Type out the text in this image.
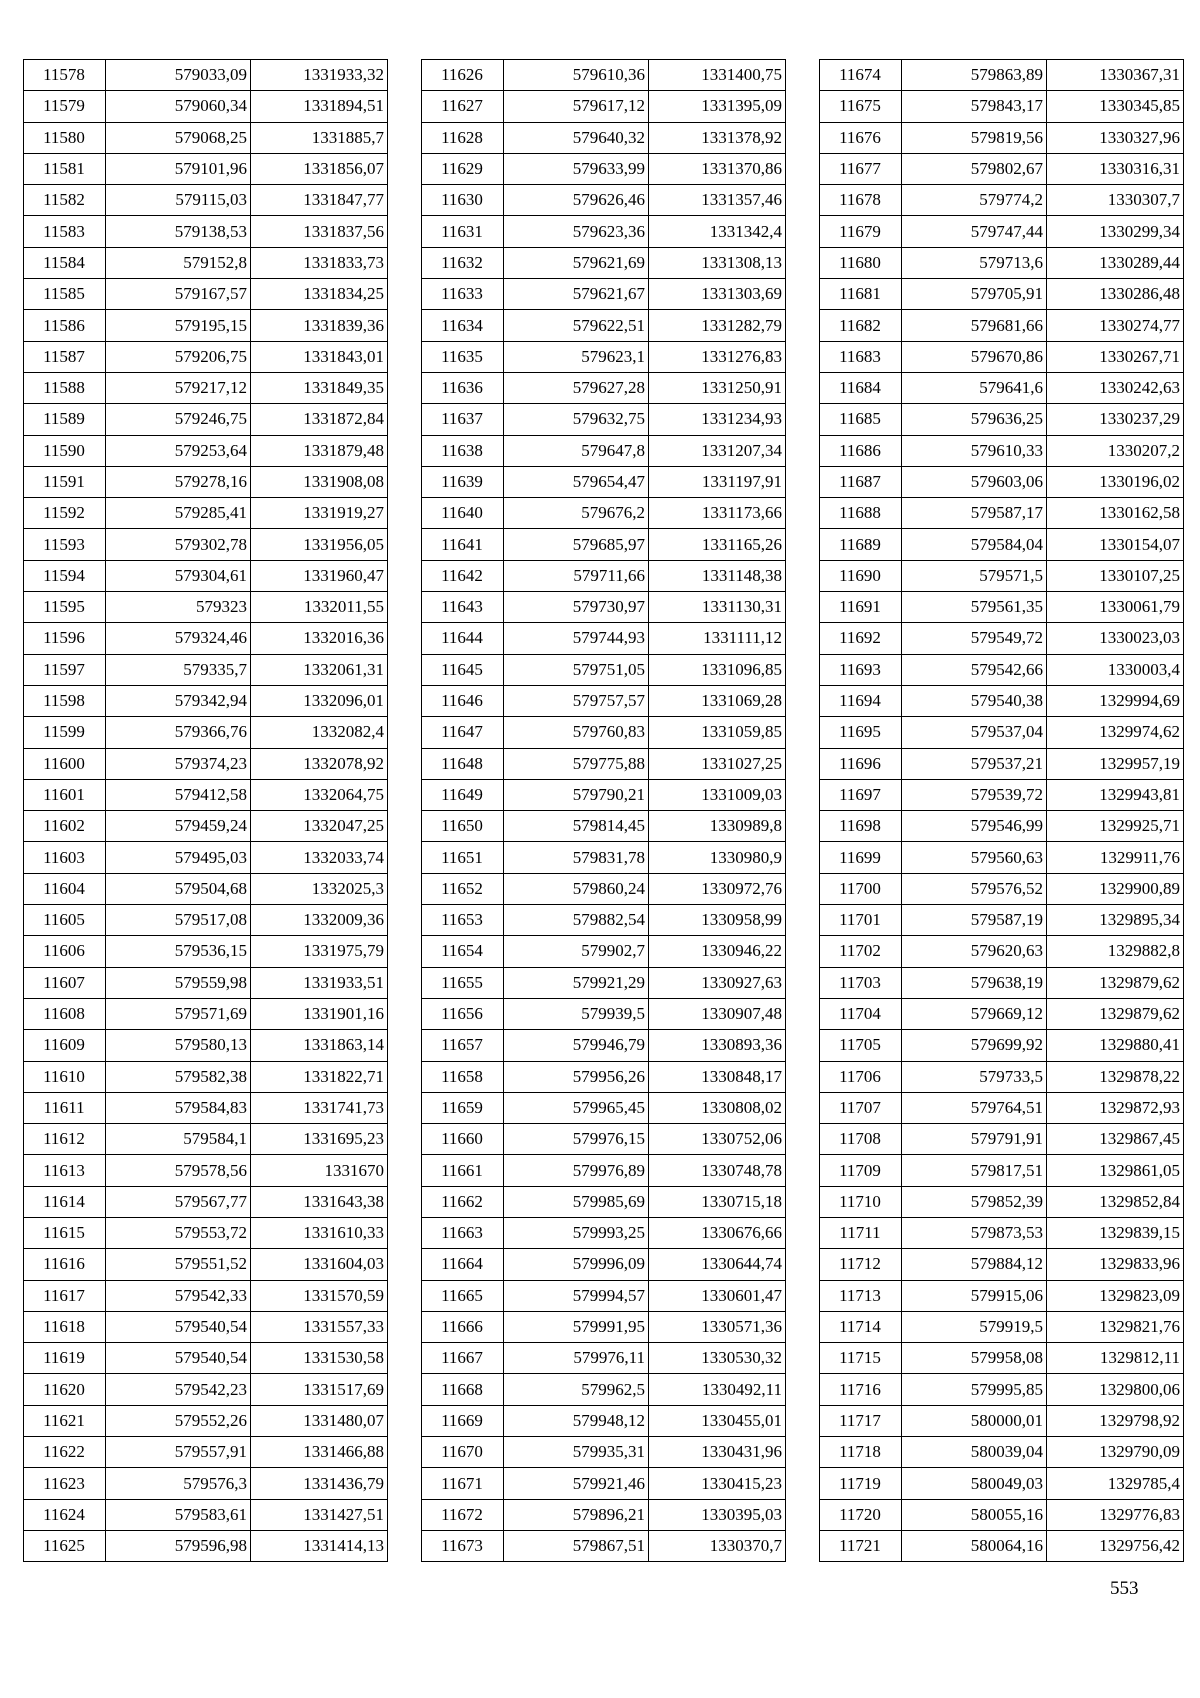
11578	579033,09	1331933,32
11579	579060,34	1331894,51
11580	579068,25	1331885,7
11581	579101,96	1331856,07
11582	579115,03	1331847,77
11583	579138,53	1331837,56
11584	579152,8	1331833,73
11585	579167,57	1331834,25
11586	579195,15	1331839,36
11587	579206,75	1331843,01
11588	579217,12	1331849,35
11589	579246,75	1331872,84
11590	579253,64	1331879,48
11591	579278,16	1331908,08
11592	579285,41	1331919,27
11593	579302,78	1331956,05
11594	579304,61	1331960,47
11595	579323	1332011,55
11596	579324,46	1332016,36
11597	579335,7	1332061,31
11598	579342,94	1332096,01
11599	579366,76	1332082,4
11600	579374,23	1332078,92
11601	579412,58	1332064,75
11602	579459,24	1332047,25
11603	579495,03	1332033,74
11604	579504,68	1332025,3
11605	579517,08	1332009,36
11606	579536,15	1331975,79
11607	579559,98	1331933,51
11608	579571,69	1331901,16
11609	579580,13	1331863,14
11610	579582,38	1331822,71
11611	579584,83	1331741,73
11612	579584,1	1331695,23
11613	579578,56	1331670
11614	579567,77	1331643,38
11615	579553,72	1331610,33
11616	579551,52	1331604,03
11617	579542,33	1331570,59
11618	579540,54	1331557,33
11619	579540,54	1331530,58
11620	579542,23	1331517,69
11621	579552,26	1331480,07
11622	579557,91	1331466,88
11623	579576,3	1331436,79
11624	579583,61	1331427,51
11625	579596,98	1331414,13
11626	579610,36	1331400,75
11627	579617,12	1331395,09
11628	579640,32	1331378,92
11629	579633,99	1331370,86
11630	579626,46	1331357,46
11631	579623,36	1331342,4
11632	579621,69	1331308,13
11633	579621,67	1331303,69
11634	579622,51	1331282,79
11635	579623,1	1331276,83
11636	579627,28	1331250,91
11637	579632,75	1331234,93
11638	579647,8	1331207,34
11639	579654,47	1331197,91
11640	579676,2	1331173,66
11641	579685,97	1331165,26
11642	579711,66	1331148,38
11643	579730,97	1331130,31
11644	579744,93	1331111,12
11645	579751,05	1331096,85
11646	579757,57	1331069,28
11647	579760,83	1331059,85
11648	579775,88	1331027,25
11649	579790,21	1331009,03
11650	579814,45	1330989,8
11651	579831,78	1330980,9
11652	579860,24	1330972,76
11653	579882,54	1330958,99
11654	579902,7	1330946,22
11655	579921,29	1330927,63
11656	579939,5	1330907,48
11657	579946,79	1330893,36
11658	579956,26	1330848,17
11659	579965,45	1330808,02
11660	579976,15	1330752,06
11661	579976,89	1330748,78
11662	579985,69	1330715,18
11663	579993,25	1330676,66
11664	579996,09	1330644,74
11665	579994,57	1330601,47
11666	579991,95	1330571,36
11667	579976,11	1330530,32
11668	579962,5	1330492,11
11669	579948,12	1330455,01
11670	579935,31	1330431,96
11671	579921,46	1330415,23
11672	579896,21	1330395,03
11673	579867,51	1330370,7
11674	579863,89	1330367,31
11675	579843,17	1330345,85
11676	579819,56	1330327,96
11677	579802,67	1330316,31
11678	579774,2	1330307,7
11679	579747,44	1330299,34
11680	579713,6	1330289,44
11681	579705,91	1330286,48
11682	579681,66	1330274,77
11683	579670,86	1330267,71
11684	579641,6	1330242,63
11685	579636,25	1330237,29
11686	579610,33	1330207,2
11687	579603,06	1330196,02
11688	579587,17	1330162,58
11689	579584,04	1330154,07
11690	579571,5	1330107,25
11691	579561,35	1330061,79
11692	579549,72	1330023,03
11693	579542,66	1330003,4
11694	579540,38	1329994,69
11695	579537,04	1329974,62
11696	579537,21	1329957,19
11697	579539,72	1329943,81
11698	579546,99	1329925,71
11699	579560,63	1329911,76
11700	579576,52	1329900,89
11701	579587,19	1329895,34
11702	579620,63	1329882,8
11703	579638,19	1329879,62
11704	579669,12	1329879,62
11705	579699,92	1329880,41
11706	579733,5	1329878,22
11707	579764,51	1329872,93
11708	579791,91	1329867,45
11709	579817,51	1329861,05
11710	579852,39	1329852,84
11711	579873,53	1329839,15
11712	579884,12	1329833,96
11713	579915,06	1329823,09
11714	579919,5	1329821,76
11715	579958,08	1329812,11
11716	579995,85	1329800,06
11717	580000,01	1329798,92
11718	580039,04	1329790,09
11719	580049,03	1329785,4
11720	580055,16	1329776,83
11721	580064,16	1329756,42
553
